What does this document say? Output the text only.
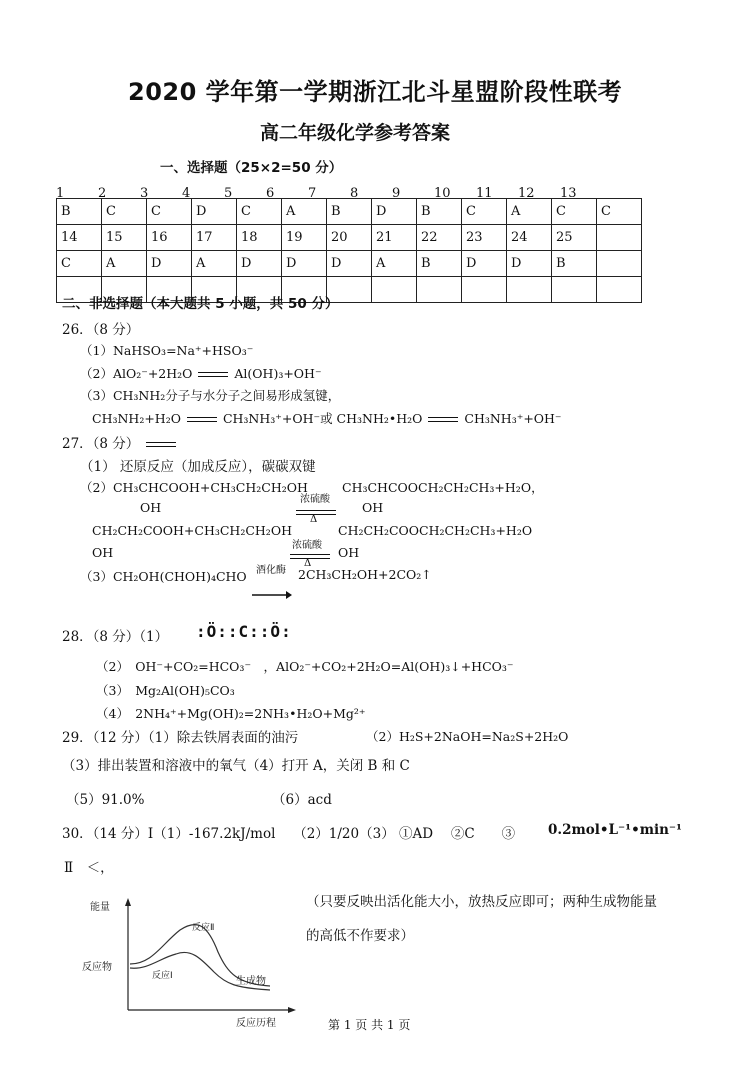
2020 学年第一学期浙江北斗星盟阶段性联考
高二年级化学参考答案
一、选择题（25×2=50 分）
1	2	3	4	5	6	7	8	9	10 11 12 13
B	C	C	D	C	A	B	D	B	C	A	C	C
14	15	16	17	18	19	20	21	22	23	24	25	
C	A	D	A	D	D	D	A	B	D	D	B	

二、非选择题（本大题共 5 小题，共 50 分）
26．（8 分）
（1）NaHSO₃=Na⁺+HSO₃⁻
（2）AlO₂⁻+2H₂O	Al(OH)₃+OH⁻
（3）CH₃NH₂分子与水分子之间易形成氢键，
CH₃NH₂+H₂O	CH₃NH₃⁺+OH⁻或 CH₃NH₂•H₂O	CH₃NH₃⁺+OH⁻
27．（8 分）
（1） 还原反应（加成反应），碳碳双键
（2）CH₃CHCOOH+CH₃CH₂CH₂OH	CH₃CHCOOCH₂CH₂CH₃+H₂O，
OH	OH
浓硫酸
Δ
CH₂CH₂COOH+CH₃CH₂CH₂OH	CH₂CH₂COOCH₂CH₂CH₃+H₂O
OH	OH
浓硫酸
Δ
（3）CH₂OH(CHOH)₄CHO 酒化酶 2CH₃CH₂OH+2CO₂↑
28．（8 分）（1） :Ö::C::Ö:
（2）　OH⁻+CO₂=HCO₃⁻　，AlO₂⁻+CO₂+2H₂O=Al(OH)₃↓+HCO₃⁻
（3）　Mg₂Al(OH)₅CO₃
（4）　2NH₄⁺+Mg(OH)₂=2NH₃•H₂O+Mg²⁺
29．（12 分）（1）除去铁屑表面的油污	（2）H₂S+2NaOH=Na₂S+2H₂O
（3）排出装置和溶液中的氧气（4）打开 A，关闭 B 和 C
（5）91.0%	（6）acd
30．（14 分）Ⅰ（1）-167.2kJ/mol　 （2）1/20（3） ①AD　 ②C　　③　 0.2mol•L⁻¹•min⁻¹
Ⅱ　＜，
（只要反映出活化能大小，放热反应即可；两种生成物能量
的高低不作要求）
能量
反应物
反应Ⅱ
反应Ⅰ	生成物
反应历程	第 1 页 共 1 页
